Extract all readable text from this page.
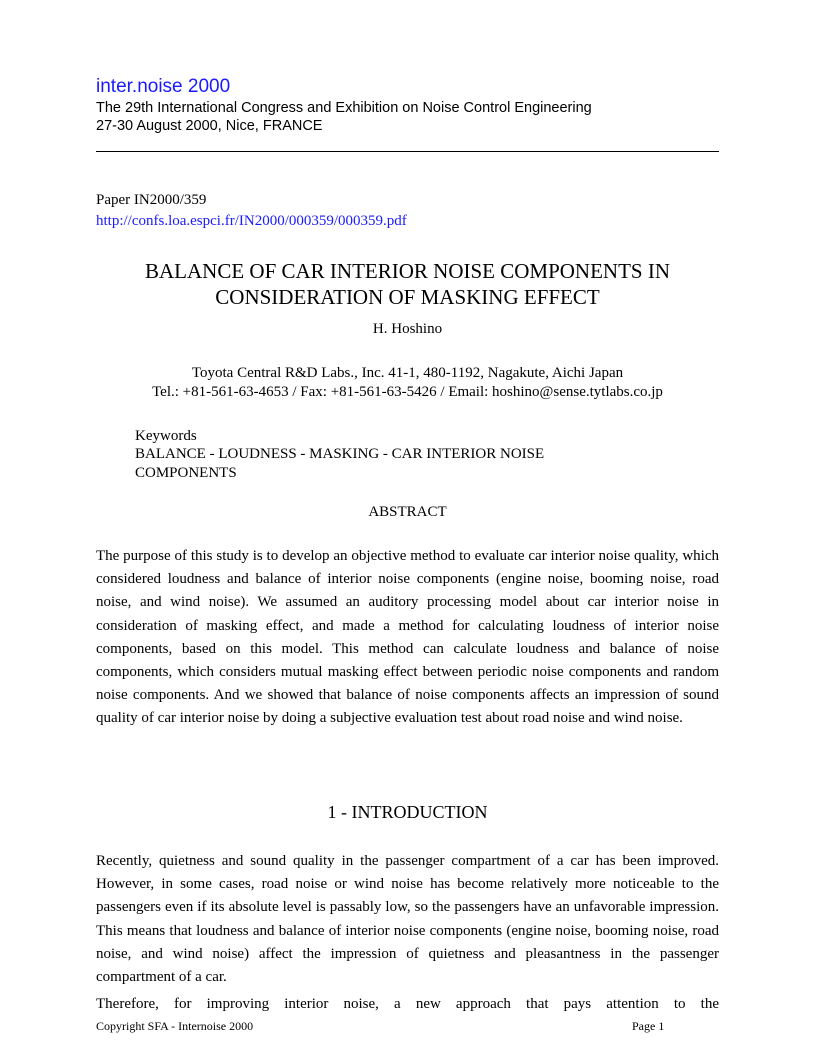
inter.noise 2000
The 29th International Congress and Exhibition on Noise Control Engineering
27-30 August 2000, Nice, FRANCE
Paper IN2000/359
http://confs.loa.espci.fr/IN2000/000359/000359.pdf
BALANCE OF CAR INTERIOR NOISE COMPONENTS IN
CONSIDERATION OF MASKING EFFECT
H. Hoshino
Toyota Central R&D Labs., Inc. 41-1, 480-1192, Nagakute, Aichi Japan
Tel.: +81-561-63-4653 / Fax: +81-561-63-5426 / Email: hoshino@sense.tytlabs.co.jp
Keywords
BALANCE - LOUDNESS - MASKING - CAR INTERIOR NOISE
COMPONENTS
ABSTRACT
The purpose of this study is to develop an objective method to evaluate car interior noise quality, which considered loudness and balance of interior noise components (engine noise, booming noise, road noise, and wind noise). We assumed an auditory processing model about car interior noise in consideration of masking effect, and made a method for calculating loudness of interior noise components, based on this model. This method can calculate loudness and balance of noise components, which considers mutual masking effect between periodic noise components and random noise components. And we showed that balance of noise components affects an impression of sound quality of car interior noise by doing a subjective evaluation test about road noise and wind noise.
1 - INTRODUCTION
Recently, quietness and sound quality in the passenger compartment of a car has been improved. However, in some cases, road noise or wind noise has become relatively more noticeable to the passengers even if its absolute level is passably low, so the passengers have an unfavorable impression. This means that loudness and balance of interior noise components (engine noise, booming noise, road noise, and wind noise) affect the impression of quietness and pleasantness in the passenger compartment of a car.
Therefore, for improving interior noise, a new approach that pays attention to the
Copyright SFA - Internoise 2000	Page 1
